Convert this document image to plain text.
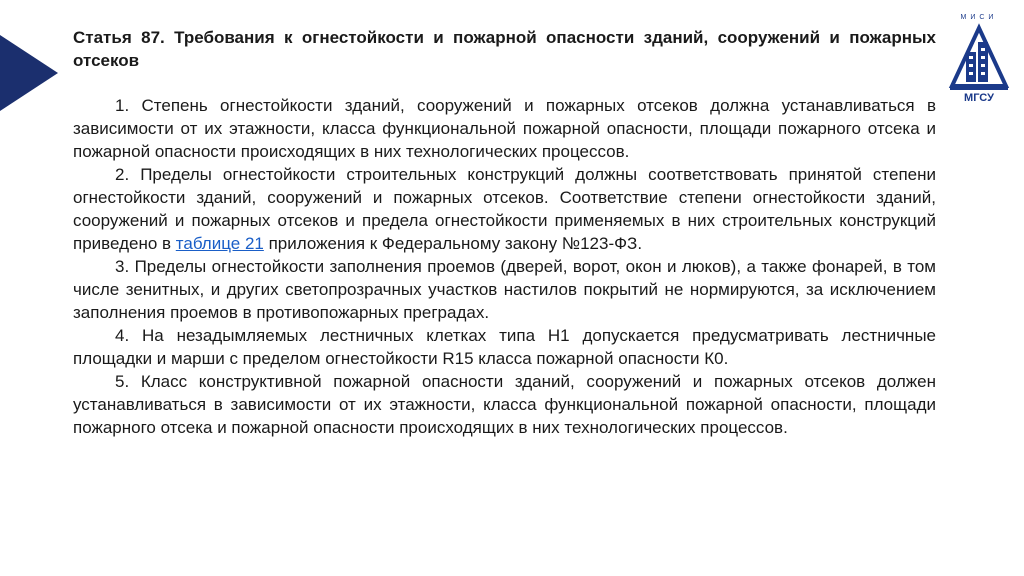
МИСИ
МГСУ

Статья 87. Требования к огнестойкости и пожарной опасности зданий, сооружений и пожарных отсеков

1. Степень огнестойкости зданий, сооружений и пожарных отсеков должна устанавливаться в зависимости от их этажности, класса функциональной пожарной опасности, площади пожарного отсека и пожарной опасности происходящих в них технологических процессов.

2. Пределы огнестойкости строительных конструкций должны соответствовать принятой степени огнестойкости зданий, сооружений и пожарных отсеков. Соответствие степени огнестойкости зданий, сооружений и пожарных отсеков и предела огнестойкости применяемых в них строительных конструкций приведено в таблице 21 приложения к Федеральному закону №123-ФЗ.

3. Пределы огнестойкости заполнения проемов (дверей, ворот, окон и люков), а также фонарей, в том числе зенитных, и других светопрозрачных участков настилов покрытий не нормируются, за исключением заполнения проемов в противопожарных преградах.

4. На незадымляемых лестничных клетках типа Н1 допускается предусматривать лестничные площадки и марши с пределом огнестойкости R15 класса пожарной опасности К0.

5. Класс конструктивной пожарной опасности зданий, сооружений и пожарных отсеков должен устанавливаться в зависимости от их этажности, класса функциональной пожарной опасности, площади пожарного отсека и пожарной опасности происходящих в них технологических процессов.
